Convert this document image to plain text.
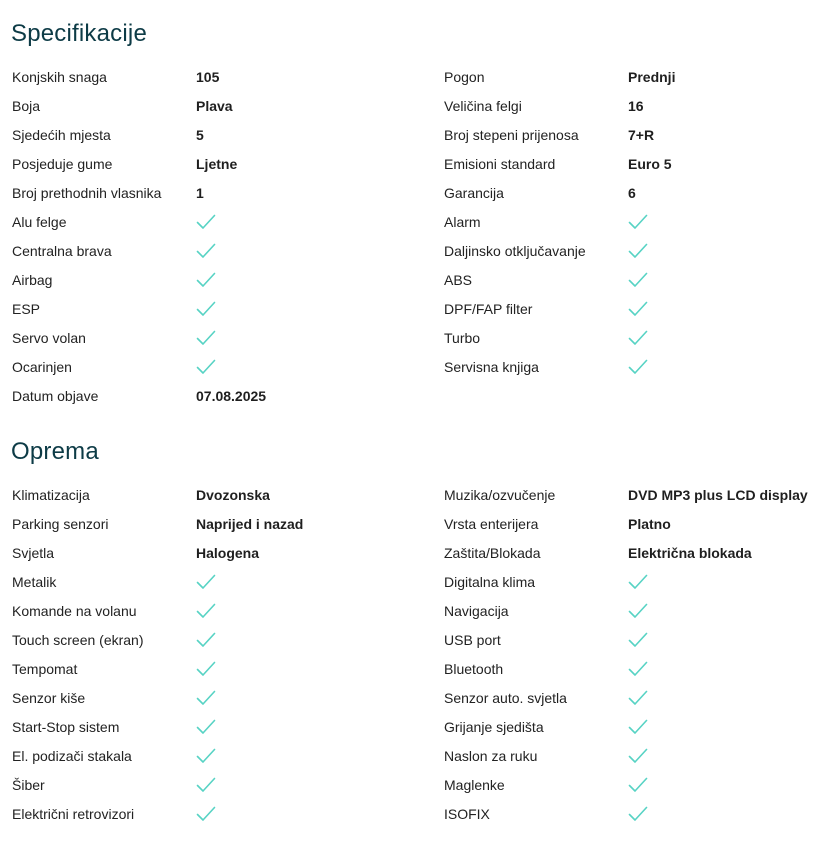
Specifikacije
Konjskih snaga	105	Pogon	Prednji
Boja	Plava	Veličina felgi	16
Sjedećih mjesta	5	Broj stepeni prijenosa	7+R
Posjeduje gume	Ljetne	Emisioni standard	Euro 5
Broj prethodnih vlasnika 1	Garancija	6
Alu felge	Alarm
Centralna brava	Daljinsko otključavanje
Airbag	ABS
ESP	DPF/FAP filter
Servo volan	Turbo
Ocarinjen	Servisna knjiga
Datum objave	07.08.2025
Oprema
Klimatizacija	Dvozonska	Muzika/ozvučenje	DVD MP3 plus LCD display
Parking senzori	Naprijed i nazad	Vrsta enterijera	Platno
Svjetla	Halogena	Zaštita/Blokada	Električna blokada
Metalik	Digitalna klima
Komande na volanu	Navigacija
Touch screen (ekran)	USB port
Tempomat	Bluetooth
Senzor kiše	Senzor auto. svjetla
Start-Stop sistem	Grijanje sjedišta
El. podizači stakala	Naslon za ruku
Šiber	Maglenke
Električni retrovizori	ISOFIX
